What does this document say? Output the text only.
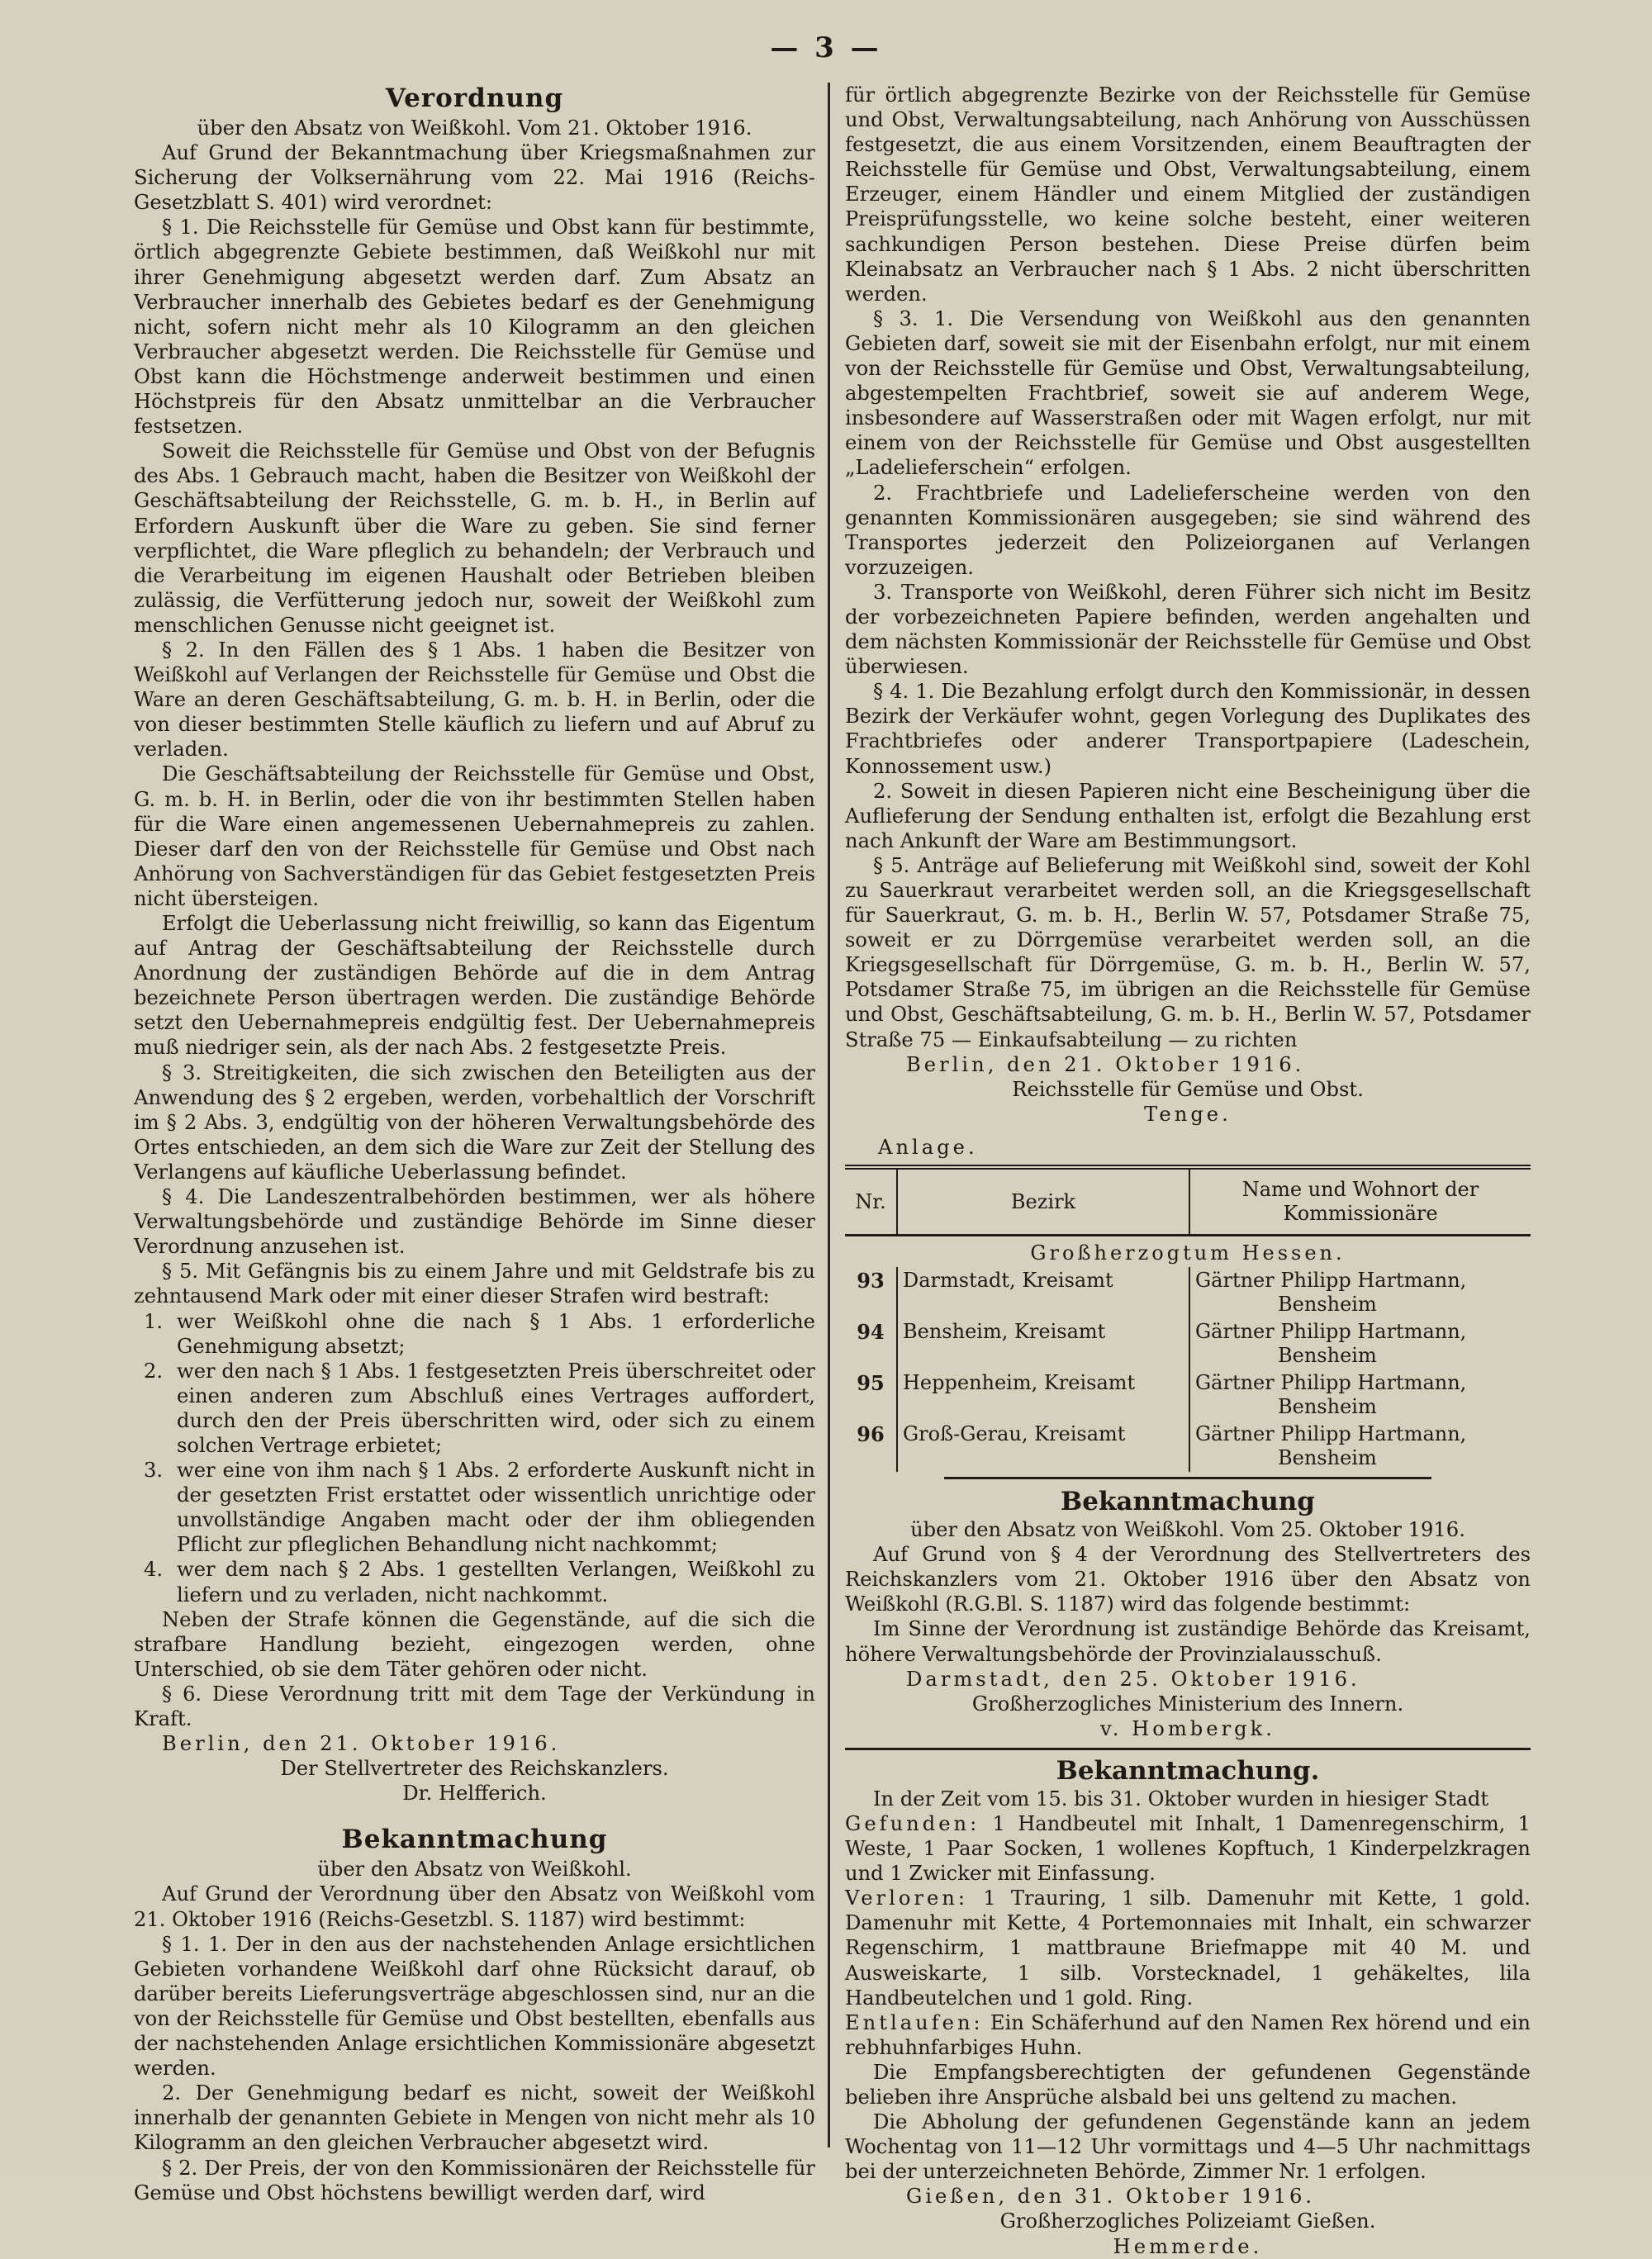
— 3 —
Verordnung

über den Absatz von Weißkohl. Vom 21. Oktober 1916.

Auf Grund der Bekanntmachung über Kriegsmaßnahmen zur Sicherung der Volksernährung vom 22. Mai 1916 (Reichs-Gesetzblatt S. 401) wird verordnet:

§ 1. Die Reichsstelle für Gemüse und Obst kann für bestimmte, örtlich abgegrenzte Gebiete bestimmen, daß Weißkohl nur mit ihrer Genehmigung abgesetzt werden darf. Zum Absatz an Verbraucher innerhalb des Gebietes bedarf es der Genehmigung nicht, sofern nicht mehr als 10 Kilogramm an den gleichen Verbraucher abgesetzt werden. Die Reichsstelle für Gemüse und Obst kann die Höchstmenge anderweit bestimmen und einen Höchstpreis für den Absatz unmittelbar an die Verbraucher festsetzen.

Soweit die Reichsstelle für Gemüse und Obst von der Befugnis des Abs. 1 Gebrauch macht, haben die Besitzer von Weißkohl der Geschäftsabteilung der Reichsstelle, G. m. b. H., in Berlin auf Erfordern Auskunft über die Ware zu geben. Sie sind ferner verpflichtet, die Ware pfleglich zu behandeln; der Verbrauch und die Verarbeitung im eigenen Haushalt oder Betrieben bleiben zulässig, die Verfütterung jedoch nur, soweit der Weißkohl zum menschlichen Genusse nicht geeignet ist.

§ 2. In den Fällen des § 1 Abs. 1 haben die Besitzer von Weißkohl auf Verlangen der Reichsstelle für Gemüse und Obst die Ware an deren Geschäftsabteilung, G. m. b. H. in Berlin, oder die von dieser bestimmten Stelle käuflich zu liefern und auf Abruf zu verladen.

Die Geschäftsabteilung der Reichsstelle für Gemüse und Obst, G. m. b. H. in Berlin, oder die von ihr bestimmten Stellen haben für die Ware einen angemessenen Uebernahmepreis zu zahlen. Dieser darf den von der Reichsstelle für Gemüse und Obst nach Anhörung von Sachverständigen für das Gebiet festgesetzten Preis nicht übersteigen.

Erfolgt die Ueberlassung nicht freiwillig, so kann das Eigentum auf Antrag der Geschäftsabteilung der Reichsstelle durch Anordnung der zuständigen Behörde auf die in dem Antrag bezeichnete Person übertragen werden. Die zuständige Behörde setzt den Uebernahmepreis endgültig fest. Der Uebernahmepreis muß niedriger sein, als der nach Abs. 2 festgesetzte Preis.

§ 3. Streitigkeiten, die sich zwischen den Beteiligten aus der Anwendung des § 2 ergeben, werden, vorbehaltlich der Vorschrift im § 2 Abs. 3, endgültig von der höheren Verwaltungsbehörde des Ortes entschieden, an dem sich die Ware zur Zeit der Stellung des Verlangens auf käufliche Ueberlassung befindet.

§ 4. Die Landeszentralbehörden bestimmen, wer als höhere Verwaltungsbehörde und zuständige Behörde im Sinne dieser Verordnung anzusehen ist.

§ 5. Mit Gefängnis bis zu einem Jahre und mit Geldstrafe bis zu zehntausend Mark oder mit einer dieser Strafen wird bestraft:

1. wer Weißkohl ohne die nach § 1 Abs. 1 erforderliche Genehmigung absetzt;
2. wer den nach § 1 Abs. 1 festgesetzten Preis überschreitet oder einen anderen zum Abschluß eines Vertrages auffordert, durch den der Preis überschritten wird, oder sich zu einem solchen Vertrage erbietet;
3. wer eine von ihm nach § 1 Abs. 2 erforderte Auskunft nicht in der gesetzten Frist erstattet oder wissentlich unrichtige oder unvollständige Angaben macht oder der ihm obliegenden Pflicht zur pfleglichen Behandlung nicht nachkommt;
4. wer dem nach § 2 Abs. 1 gestellten Verlangen, Weißkohl zu liefern und zu verladen, nicht nachkommt.

Neben der Strafe können die Gegenstände, auf die sich die strafbare Handlung bezieht, eingezogen werden, ohne Unterschied, ob sie dem Täter gehören oder nicht.

§ 6. Diese Verordnung tritt mit dem Tage der Verkündung in Kraft.

Berlin, den 21. Oktober 1916.

Der Stellvertreter des Reichskanzlers.

Dr. Helfferich.

Bekanntmachung

über den Absatz von Weißkohl.

Auf Grund der Verordnung über den Absatz von Weißkohl vom 21. Oktober 1916 (Reichs-Gesetzbl. S. 1187) wird bestimmt:

§ 1. 1. Der in den aus der nachstehenden Anlage ersichtlichen Gebieten vorhandene Weißkohl darf ohne Rücksicht darauf, ob darüber bereits Lieferungsverträge abgeschlossen sind, nur an die von der Reichsstelle für Gemüse und Obst bestellten, ebenfalls aus der nachstehenden Anlage ersichtlichen Kommissionäre abgesetzt werden.

2. Der Genehmigung bedarf es nicht, soweit der Weißkohl innerhalb der genannten Gebiete in Mengen von nicht mehr als 10 Kilogramm an den gleichen Verbraucher abgesetzt wird.

§ 2. Der Preis, der von den Kommissionären der Reichsstelle für Gemüse und Obst höchstens bewilligt werden darf, wird

für örtlich abgegrenzte Bezirke von der Reichsstelle für Gemüse und Obst, Verwaltungsabteilung, nach Anhörung von Ausschüssen festgesetzt, die aus einem Vorsitzenden, einem Beauftragten der Reichsstelle für Gemüse und Obst, Verwaltungsabteilung, einem Erzeuger, einem Händler und einem Mitglied der zuständigen Preisprüfungsstelle, wo keine solche besteht, einer weiteren sachkundigen Person bestehen. Diese Preise dürfen beim Kleinabsatz an Verbraucher nach § 1 Abs. 2 nicht überschritten werden.

§ 3. 1. Die Versendung von Weißkohl aus den genannten Gebieten darf, soweit sie mit der Eisenbahn erfolgt, nur mit einem von der Reichsstelle für Gemüse und Obst, Verwaltungsabteilung, abgestempelten Frachtbrief, soweit sie auf anderem Wege, insbesondere auf Wasserstraßen oder mit Wagen erfolgt, nur mit einem von der Reichsstelle für Gemüse und Obst ausgestellten „Ladelieferschein“ erfolgen.

2. Frachtbriefe und Ladelieferscheine werden von den genannten Kommissionären ausgegeben; sie sind während des Transportes jederzeit den Polizeiorganen auf Verlangen vorzuzeigen.

3. Transporte von Weißkohl, deren Führer sich nicht im Besitz der vorbezeichneten Papiere befinden, werden angehalten und dem nächsten Kommissionär der Reichsstelle für Gemüse und Obst überwiesen.

§ 4. 1. Die Bezahlung erfolgt durch den Kommissionär, in dessen Bezirk der Verkäufer wohnt, gegen Vorlegung des Duplikates des Frachtbriefes oder anderer Transportpapiere (Ladeschein, Konnossement usw.)

2. Soweit in diesen Papieren nicht eine Bescheinigung über die Auflieferung der Sendung enthalten ist, erfolgt die Bezahlung erst nach Ankunft der Ware am Bestimmungsort.

§ 5. Anträge auf Belieferung mit Weißkohl sind, soweit der Kohl zu Sauerkraut verarbeitet werden soll, an die Kriegsgesellschaft für Sauerkraut, G. m. b. H., Berlin W. 57, Potsdamer Straße 75, soweit er zu Dörrgemüse verarbeitet werden soll, an die Kriegsgesellschaft für Dörrgemüse, G. m. b. H., Berlin W. 57, Potsdamer Straße 75, im übrigen an die Reichsstelle für Gemüse und Obst, Geschäftsabteilung, G. m. b. H., Berlin W. 57, Potsdamer Straße 75 — Einkaufsabteilung — zu richten

Berlin, den 21. Oktober 1916.

Reichsstelle für Gemüse und Obst.

Tenge.

Anlage.

Nr.	Bezirk	Name und Wohnort der Kommissionäre
Großherzogtum Hessen.		
93	Darmstadt, Kreisamt	Gärtner Philipp Hartmann,
Bensheim

94	Bensheim, Kreisamt	Gärtner Philipp Hartmann,
Bensheim

95	Heppenheim, Kreisamt	Gärtner Philipp Hartmann,
Bensheim

96	Groß-Gerau, Kreisamt	Gärtner Philipp Hartmann,
Bensheim
Bekanntmachung

über den Absatz von Weißkohl. Vom 25. Oktober 1916.

Auf Grund von § 4 der Verordnung des Stellvertreters des Reichskanzlers vom 21. Oktober 1916 über den Absatz von Weißkohl (R.G.Bl. S. 1187) wird das folgende bestimmt:

Im Sinne der Verordnung ist zuständige Behörde das Kreisamt, höhere Verwaltungsbehörde der Provinzialausschuß.

Darmstadt, den 25. Oktober 1916.

Großherzogliches Ministerium des Innern.

v. Hombergk.

Bekanntmachung.

In der Zeit vom 15. bis 31. Oktober wurden in hiesiger Stadt

Gefunden: 1 Handbeutel mit Inhalt, 1 Damenregenschirm, 1 Weste, 1 Paar Socken, 1 wollenes Kopftuch, 1 Kinderpelzkragen und 1 Zwicker mit Einfassung.

Verloren: 1 Trauring, 1 silb. Damenuhr mit Kette, 1 gold. Damenuhr mit Kette, 4 Portemonnaies mit Inhalt, ein schwarzer Regenschirm, 1 mattbraune Briefmappe mit 40 M. und Ausweiskarte, 1 silb. Vorstecknadel, 1 gehäkeltes, lila Handbeutelchen und 1 gold. Ring.

Entlaufen: Ein Schäferhund auf den Namen Rex hörend und ein rebhuhnfarbiges Huhn.

Die Empfangsberechtigten der gefundenen Gegenstände belieben ihre Ansprüche alsbald bei uns geltend zu machen.

Die Abholung der gefundenen Gegenstände kann an jedem Wochentag von 11—12 Uhr vormittags und 4—5 Uhr nachmittags bei der unterzeichneten Behörde, Zimmer Nr. 1 erfolgen.

Gießen, den 31. Oktober 1916.

Großherzogliches Polizeiamt Gießen.

Hemmerde.
